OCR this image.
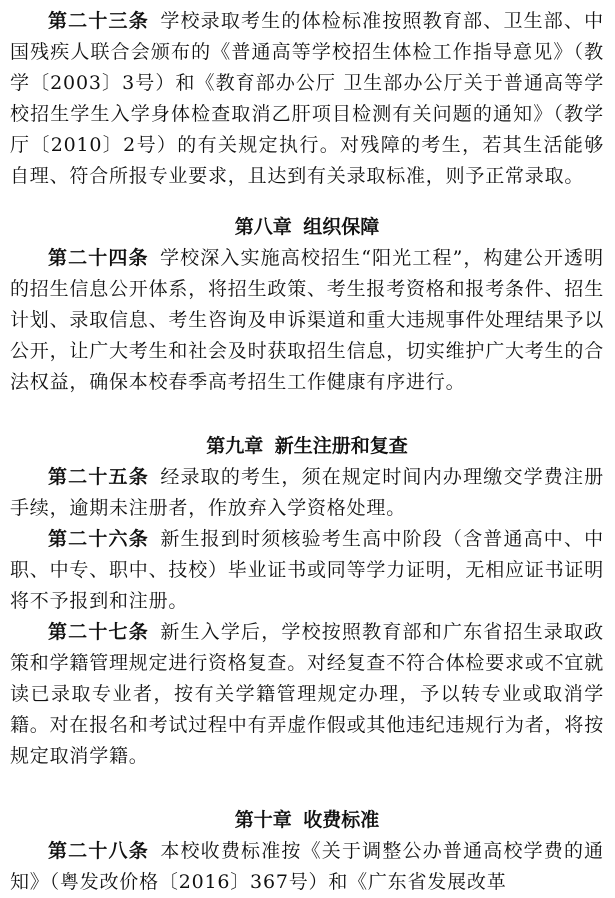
第二十三条 学校录取考生的体检标准按照教育部、卫生部、中国残疾人联合会颁布的《普通高等学校招生体检工作指导意见》（教学〔2003〕3号）和《教育部办公厅 卫生部办公厅关于普通高等学校招生学生入学身体检查取消乙肝项目检测有关问题的通知》（教学厅〔2010〕2号）的有关规定执行。对残障的考生，若其生活能够自理、符合所报专业要求，且达到有关录取标准，则予正常录取。

第八章 组织保障

第二十四条 学校深入实施高校招生“阳光工程”，构建公开透明的招生信息公开体系，将招生政策、考生报考资格和报考条件、招生计划、录取信息、考生咨询及申诉渠道和重大违规事件处理结果予以公开，让广大考生和社会及时获取招生信息，切实维护广大考生的合法权益，确保本校春季高考招生工作健康有序进行。

第九章 新生注册和复查

第二十五条 经录取的考生，须在规定时间内办理缴交学费注册手续，逾期未注册者，作放弃入学资格处理。

第二十六条 新生报到时须核验考生高中阶段（含普通高中、中职、中专、职中、技校）毕业证书或同等学力证明，无相应证书证明将不予报到和注册。

第二十七条 新生入学后，学校按照教育部和广东省招生录取政策和学籍管理规定进行资格复查。对经复查不符合体检要求或不宜就读已录取专业者，按有关学籍管理规定办理，予以转专业或取消学籍。对在报名和考试过程中有弄虚作假或其他违纪违规行为者，将按规定取消学籍。

第十章 收费标准

第二十八条 本校收费标准按《关于调整公办普通高校学费的通知》（粤发改价格〔2016〕367号）和《广东省发展改革
